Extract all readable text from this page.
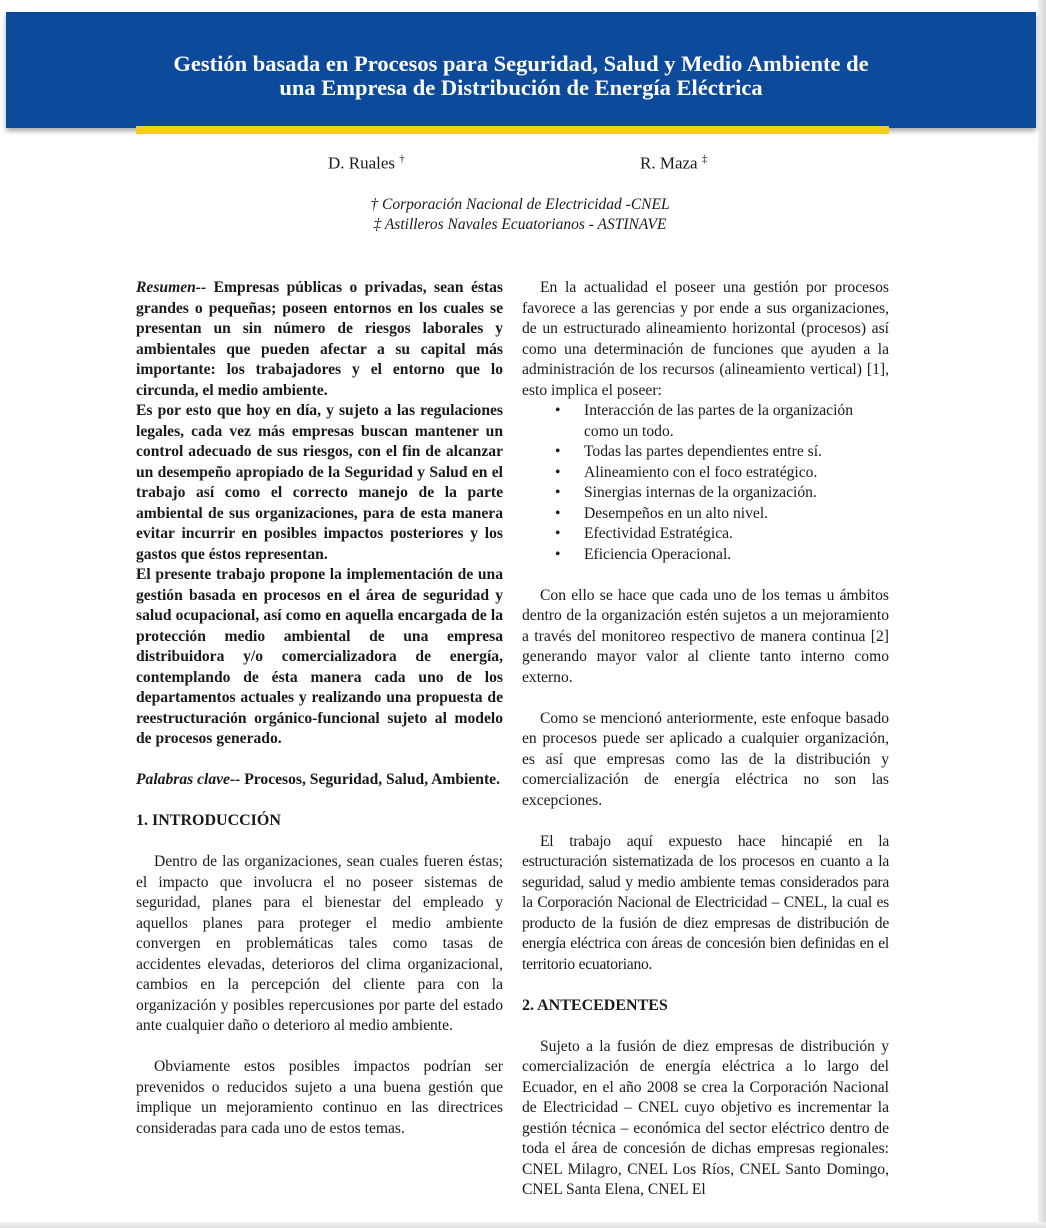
Gestión basada en Procesos para Seguridad, Salud y Medio Ambiente de
una Empresa de Distribución de Energía Eléctrica
D. Ruales †	R. Maza ‡
† Corporación Nacional de Electricidad -CNEL
‡ Astilleros Navales Ecuatorianos - ASTINAVE

Resumen-- Empresas públicas o privadas, sean éstas grandes o pequeñas; poseen entornos en los cuales se presentan un sin número de riesgos laborales y ambientales que pueden afectar a su capital más importante: los trabajadores y el entorno que lo circunda, el medio ambiente.

Es por esto que hoy en día, y sujeto a las regulaciones legales, cada vez más empresas buscan mantener un control adecuado de sus riesgos, con el fin de alcanzar un desempeño apropiado de la Seguridad y Salud en el trabajo así como el correcto manejo de la parte ambiental de sus organizaciones, para de esta manera evitar incurrir en posibles impactos posteriores y los gastos que éstos representan.

El presente trabajo propone la implementación de una gestión basada en procesos en el área de seguridad y salud ocupacional, así como en aquella encargada de la protección medio ambiental de una empresa distribuidora y/o comercializadora de energía, contemplando de ésta manera cada uno de los departamentos actuales y realizando una propuesta de reestructuración orgánico-funcional sujeto al modelo de procesos generado.

Palabras clave-- Procesos, Seguridad, Salud, Ambiente.

1. INTRODUCCIÓN

Dentro de las organizaciones, sean cuales fueren éstas; el impacto que involucra el no poseer sistemas de seguridad, planes para el bienestar del empleado y aquellos planes para proteger el medio ambiente convergen en problemáticas tales como tasas de accidentes elevadas, deterioros del clima organizacional, cambios en la percepción del cliente para con la organización y posibles repercusiones por parte del estado ante cualquier daño o deterioro al medio ambiente.

Obviamente estos posibles impactos podrían ser prevenidos o reducidos sujeto a una buena gestión que implique un mejoramiento continuo en las directrices consideradas para cada uno de estos temas.

En la actualidad el poseer una gestión por procesos favorece a las gerencias y por ende a sus organizaciones, de un estructurado alineamiento horizontal (procesos) así como una determinación de funciones que ayuden a la administración de los recursos (alineamiento vertical) [1], esto implica el poseer:

• Interacción de las partes de la organización como un todo.
• Todas las partes dependientes entre sí.
• Alineamiento con el foco estratégico.
• Sinergias internas de la organización.
• Desempeños en un alto nivel.
• Efectividad Estratégica.
• Eficiencia Operacional.

Con ello se hace que cada uno de los temas u ámbitos dentro de la organización estén sujetos a un mejoramiento a través del monitoreo respectivo de manera continua [2] generando mayor valor al cliente tanto interno como externo.

Como se mencionó anteriormente, este enfoque basado en procesos puede ser aplicado a cualquier organización, es así que empresas como las de la distribución y comercialización de energía eléctrica no son las excepciones.

El trabajo aquí expuesto hace hincapié en la estructuración sistematizada de los procesos en cuanto a la seguridad, salud y medio ambiente temas considerados para la Corporación Nacional de Electricidad – CNEL, la cual es producto de la fusión de diez empresas de distribución de energía eléctrica con áreas de concesión bien definidas en el territorio ecuatoriano.

2. ANTECEDENTES

Sujeto a la fusión de diez empresas de distribución y comercialización de energía eléctrica a lo largo del Ecuador, en el año 2008 se crea la Corporación Nacional de Electricidad – CNEL cuyo objetivo es incrementar la gestión técnica – económica del sector eléctrico dentro de toda el área de concesión de dichas empresas regionales: CNEL Milagro, CNEL Los Ríos, CNEL Santo Domingo, CNEL Santa Elena, CNEL El
